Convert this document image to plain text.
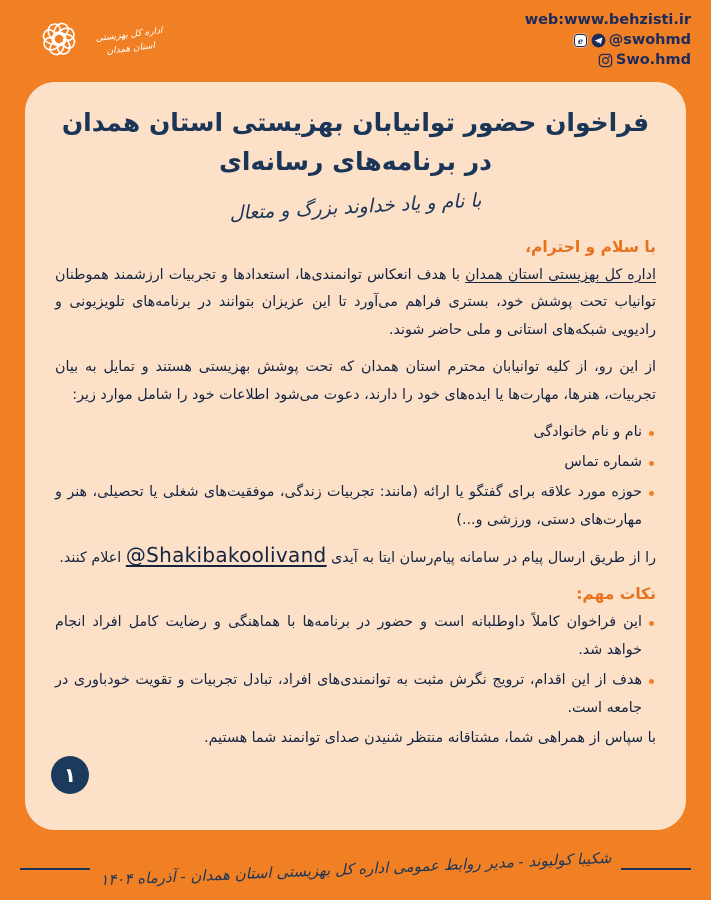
اداره کل بهزیستی
استان همدان
web:www.behzisti.ir
e @swohmd
Swo.hmd
فراخوان حضور توانیابان بهزیستی استان همدان
در برنامه‌های رسانه‌ای
با نام و یاد خداوند بزرگ و متعال
با سلام و احترام،

اداره کل بهزیستی استان همدان با هدف انعکاس توانمندی‌ها، استعدادها و تجربیات ارزشمند هموطنان توانیاب تحت پوشش خود، بستری فراهم می‌آورد تا این عزیزان بتوانند در برنامه‌های تلویزیونی و رادیویی شبکه‌های استانی و ملی حاضر شوند.

از این رو، از کلیه توانیابان محترم استان همدان که تحت پوشش بهزیستی هستند و تمایل به بیان تجربیات، هنرها، مهارت‌ها یا ایده‌های خود را دارند، دعوت می‌شود اطلاعات خود را شامل موارد زیر:

نام و نام خانوادگی
شماره تماس
حوزه مورد علاقه برای گفتگو یا ارائه (مانند: تجربیات زندگی، موفقیت‌های شغلی یا تحصیلی، هنر و مهارت‌های دستی، ورزشی و...)

را از طریق ارسال پیام در سامانه پیام‌رسان ایتا به آیدی @Shakibakoolivand اعلام کنند.

نکات مهم:
این فراخوان کاملاً داوطلبانه است و حضور در برنامه‌ها با هماهنگی و رضایت کامل افراد انجام خواهد شد.
هدف از این اقدام، ترویج نگرش مثبت به توانمندی‌های افراد، تبادل تجربیات و تقویت خودباوری در جامعه است.

با سپاس از همراهی شما، مشتاقانه منتظر شنیدن صدای توانمند شما هستیم.

۱
شکیبا کولیوند - مدیر روابط عمومی اداره کل بهزیستی استان همدان - آذرماه ۱۴۰۴
